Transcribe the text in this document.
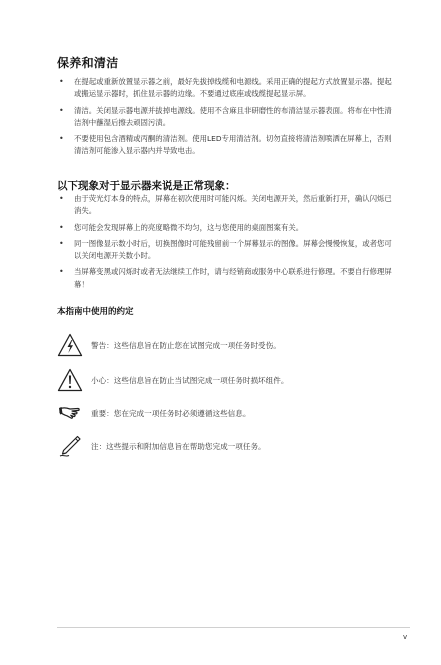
保养和清洁
• 在提起或重新放置显示器之前，最好先拔掉线缆和电源线。采用正确的提起方式放置显示器。提起或搬运显示器时，抓住显示器的边缘。不要通过底座或线缆提起显示屏。
• 清洁。关闭显示器电源并拔掉电源线。使用不含麻且非研磨性的布清洁显示器表面。将布在中性清洁剂中蘸湿后擦去顽固污渍。
• 不要使用包含酒精或丙酮的清洁剂。使用LED专用清洁剂。切勿直接将清洁剂喷洒在屏幕上，否则清洁剂可能渗入显示器内并导致电击。
以下现象对于显示器来说是正常现象：
• 由于荧光灯本身的特点，屏幕在初次使用时可能闪烁。关闭电源开关，然后重新打开，确认闪烁已消失。
• 您可能会发现屏幕上的亮度略微不均匀，这与您使用的桌面图案有关。
• 同一图像显示数小时后，切换图像时可能残留前一个屏幕显示的图像。屏幕会慢慢恢复，或者您可以关闭电源开关数小时。
• 当屏幕变黑或闪烁时或者无法继续工作时，请与经销商或服务中心联系进行修理。不要自行修理屏幕！
本指南中使用的约定
警告：这些信息旨在防止您在试图完成一项任务时受伤。
小心：这些信息旨在防止当试图完成一项任务时损坏组件。
重要：您在完成一项任务时必须遵循这些信息。
注：这些提示和附加信息旨在帮助您完成一项任务。
v
